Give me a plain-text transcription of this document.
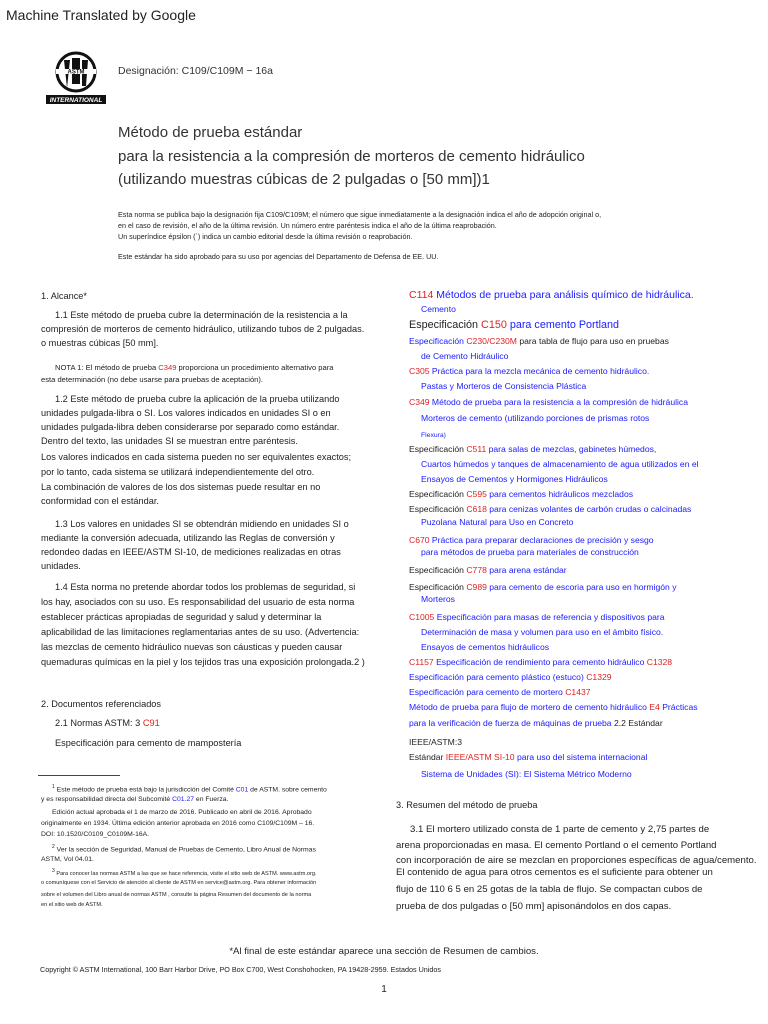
Machine Translated by Google
ASTM
INTERNATIONAL
Designación: C109/C109M − 16a
Método de prueba estándar
para la resistencia a la compresión de morteros de cemento hidráulico
(utilizando muestras cúbicas de 2 pulgadas o [50 mm])1
Esta norma se publica bajo la designación fija C109/C109M; el número que sigue inmediatamente a la designación indica el año de adopción original o,
en el caso de revisión, el año de la última revisión. Un número entre paréntesis indica el año de la última reaprobación.
Un superíndice épsilon (´) indica un cambio editorial desde la última revisión o reaprobación.
Este estándar ha sido aprobado para su uso por agencias del Departamento de Defensa de EE. UU.
1. Alcance*
1.1 Este método de prueba cubre la determinación de la resistencia a la
compresión de morteros de cemento hidráulico, utilizando tubos de 2 pulgadas.
o muestras cúbicas [50 mm].
NOTA 1: El método de prueba C349 proporciona un procedimiento alternativo para
esta determinación (no debe usarse para pruebas de aceptación).
1.2 Este método de prueba cubre la aplicación de la prueba utilizando
unidades pulgada-libra o SI. Los valores indicados en unidades SI o en
unidades pulgada-libra deben considerarse por separado como estándar.
Dentro del texto, las unidades SI se muestran entre paréntesis.
Los valores indicados en cada sistema pueden no ser equivalentes exactos;
por lo tanto, cada sistema se utilizará independientemente del otro.
La combinación de valores de los dos sistemas puede resultar en no
conformidad con el estándar.
1.3 Los valores en unidades SI se obtendrán midiendo en unidades SI o
mediante la conversión adecuada, utilizando las Reglas de conversión y
redondeo dadas en IEEE/ASTM SI-10, de mediciones realizadas en otras
unidades.
1.4 Esta norma no pretende abordar todos los problemas de seguridad, si
los hay, asociados con su uso. Es responsabilidad del usuario de esta norma
establecer prácticas apropiadas de seguridad y salud y determinar la
aplicabilidad de las limitaciones reglamentarias antes de su uso. (Advertencia:
las mezclas de cemento hidráulico nuevas son cáusticas y pueden causar
quemaduras químicas en la piel y los tejidos tras una exposición prolongada.2 )
2. Documentos referenciados
2.1 Normas ASTM: 3 C91
Especificación para cemento de mampostería
$^1$ Este método de prueba está bajo la jurisdicción del Comité C01 de ASTM. sobre cemento
y es responsabilidad directa del Subcomité C01.27 en Fuerza.
Edición actual aprobada el 1 de marzo de 2016. Publicado en abril de 2016. Aprobado
originalmente en 1934. Última edición anterior aprobada en 2016 como C109/C109M – 16.
DOI: 10.1520/C0109_C0109M-16A.
$^2$ Ver la sección de Seguridad, Manual de Pruebas de Cemento, Libro Anual de Normas
ASTM, Vol 04.01.
$^3$ Para conocer las normas ASTM a las que se hace referencia, visite el sitio web de ASTM. www.astm.org.
o comuníquese con el Servicio de atención al cliente de ASTM en service@astm.org. Para obtener información
sobre el volumen del Libro anual de normas ASTM , consulte la página Resumen del documento de la norma
en el sitio web de ASTM.
C114 Métodos de prueba para análisis químico de hidráulica.
Cemento
Especificación C150 para cemento Portland
Especificación C230/C230M para tabla de flujo para uso en pruebas
de Cemento Hidráulico
C305 Práctica para la mezcla mecánica de cemento hidráulico.
Pastas y Morteros de Consistencia Plástica
C349 Método de prueba para la resistencia a la compresión de hidráulica
Morteros de cemento (utilizando porciones de prismas rotos
Flexura)
Especificación C511 para salas de mezclas, gabinetes húmedos,
Cuartos húmedos y tanques de almacenamiento de agua utilizados en el
Ensayos de Cementos y Hormigones Hidráulicos
Especificación C595 para cementos hidráulicos mezclados
Especificación C618 para cenizas volantes de carbón crudas o calcinadas
Puzolana Natural para Uso en Concreto
C670 Práctica para preparar declaraciones de precisión y sesgo
para métodos de prueba para materiales de construcción
Especificación C778 para arena estándar
Especificación C989 para cemento de escoria para uso en hormigón y
Morteros
C1005 Especificación para masas de referencia y dispositivos para
Determinación de masa y volumen para uso en el ámbito físico.
Ensayos de cementos hidráulicos
C1157 Especificación de rendimiento para cemento hidráulico C1328
Especificación para cemento plástico (estuco) C1329
Especificación para cemento de mortero C1437
Método de prueba para flujo de mortero de cemento hidráulico E4 Prácticas
para la verificación de fuerza de máquinas de prueba 2.2 Estándar
IEEE/ASTM:3
Estándar IEEE/ASTM SI-10 para uso del sistema internacional
Sistema de Unidades (SI): El Sistema Métrico Moderno
3. Resumen del método de prueba
3.1 El mortero utilizado consta de 1 parte de cemento y 2,75 partes de
arena proporcionadas en masa. El cemento Portland o el cemento Portland
con incorporación de aire se mezclan en proporciones específicas de agua/cemento.
El contenido de agua para otros cementos es el suficiente para obtener un
flujo de 110 6 5 en 25 gotas de la tabla de flujo. Se compactan cubos de
prueba de dos pulgadas o [50 mm] apisonándolos en dos capas.
*Al final de este estándar aparece una sección de Resumen de cambios.
Copyright © ASTM International, 100 Barr Harbor Drive, PO Box C700, West Conshohocken, PA 19428-2959. Estados Unidos
1
